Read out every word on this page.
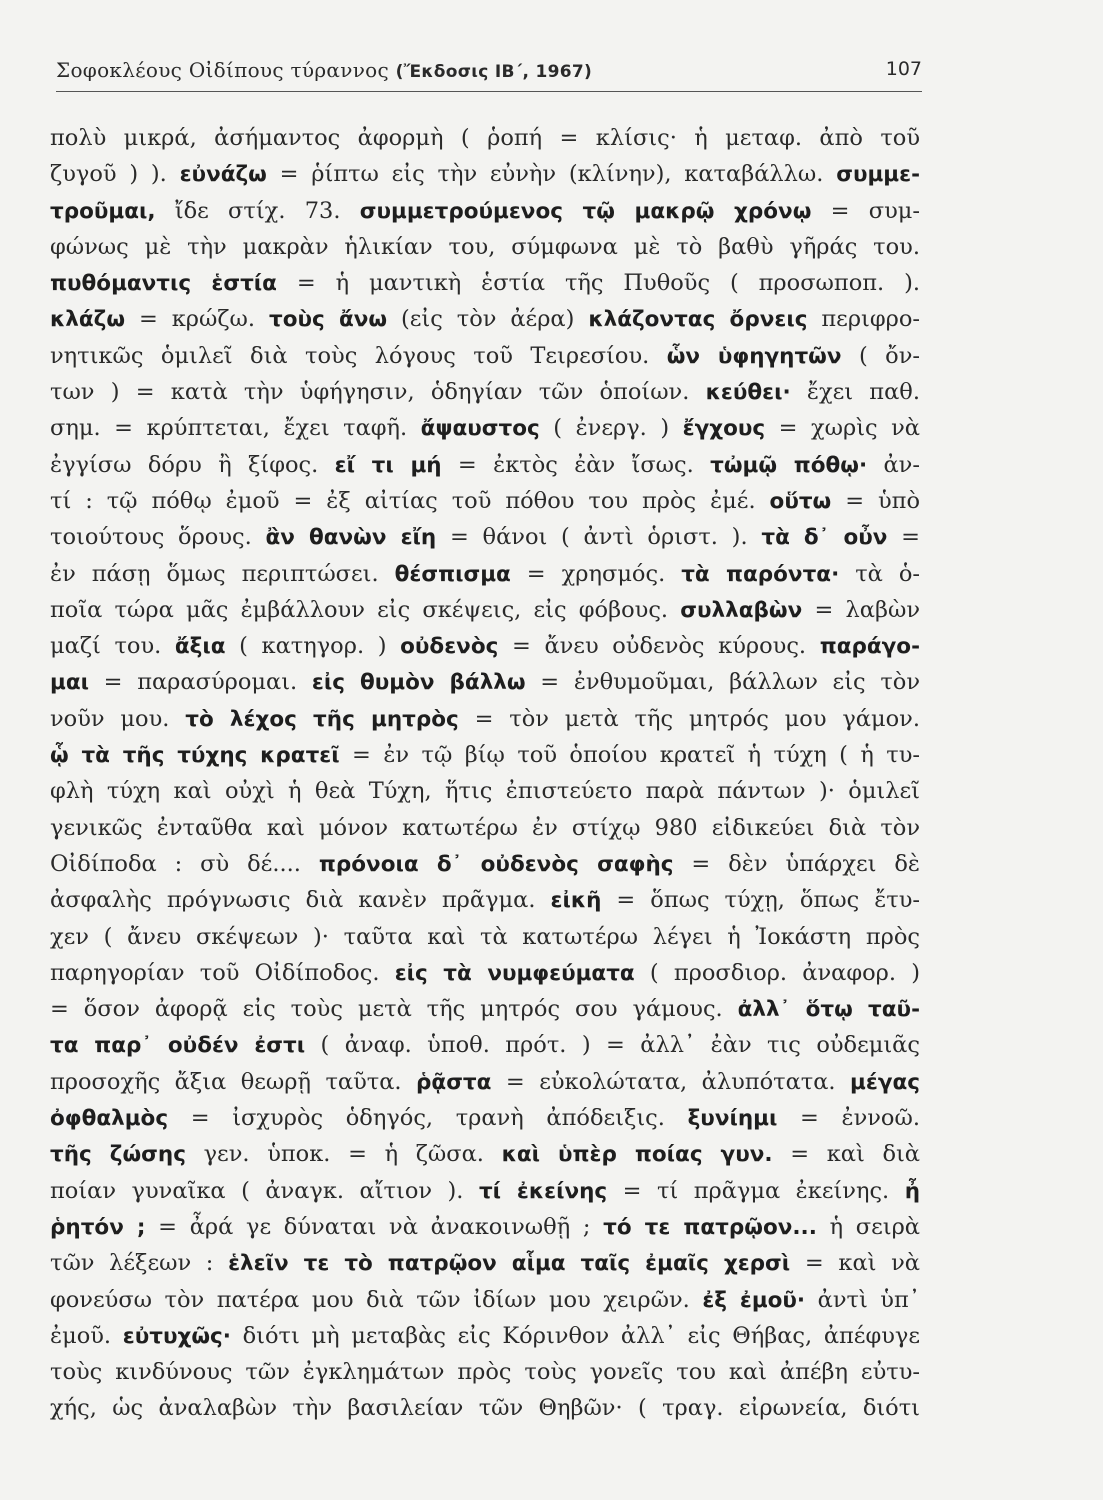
Σοφοκλέους Οἰδίπους τύραννος (Ἔκδοσις ΙΒ΄, 1967)	107
πολὺ μικρά, ἀσήμαντος ἀφορμὴ ( ῥοπή = κλίσις· ἡ μεταφ. ἀπὸ τοῦ
ζυγοῦ ) ). εὐνάζω = ῥίπτω εἰς τὴν εὐνὴν (κλίνην), καταβάλλω. συμμε-
τροῦμαι, ἴδε στίχ. 73. συμμετρούμενος τῷ μακρῷ χρόνῳ = συμ-
φώνως μὲ τὴν μακρὰν ἡλικίαν του, σύμφωνα μὲ τὸ βαθὺ γῆράς του.
πυθόμαντις ἑστία = ἡ μαντικὴ ἑστία τῆς Πυθοῦς ( προσωποπ. ).
κλάζω = κρώζω. τοὺς ἄνω (εἰς τὸν ἀέρα) κλάζοντας ὄρνεις περιφρο-
νητικῶς ὁμιλεῖ διὰ τοὺς λόγους τοῦ Τειρεσίου. ὧν ὑφηγητῶν ( ὄν-
των ) = κατὰ τὴν ὑφήγησιν, ὁδηγίαν τῶν ὁποίων. κεύθει· ἔχει παθ.
σημ. = κρύπτεται, ἔχει ταφῆ. ἄψαυστος ( ἐνεργ. ) ἔγχους = χωρὶς νὰ
ἐγγίσω δόρυ ἢ ξίφος. εἴ τι μή = ἐκτὸς ἐὰν ἴσως. τὠμῷ πόθῳ· ἀν-
τί : τῷ πόθῳ ἐμοῦ = ἐξ αἰτίας τοῦ πόθου του πρὸς ἐμέ. οὕτω = ὑπὸ
τοιούτους ὅρους. ἂν θανὼν εἴη = θάνοι ( ἀντὶ ὁριστ. ). τὰ δ᾽ οὖν =
ἐν πάσῃ ὅμως περιπτώσει. θέσπισμα = χρησμός. τὰ παρόντα· τὰ ὁ-
ποῖα τώρα μᾶς ἐμβάλλουν εἰς σκέψεις, εἰς φόβους. συλλαβὼν = λαβὼν
μαζί του. ἄξια ( κατηγορ. ) οὐδενὸς = ἄνευ οὐδενὸς κύρους. παράγο-
μαι = παρασύρομαι. εἰς θυμὸν βάλλω = ἐνθυμοῦμαι, βάλλων εἰς τὸν
νοῦν μου. τὸ λέχος τῆς μητρὸς = τὸν μετὰ τῆς μητρός μου γάμον.
ᾧ τὰ τῆς τύχης κρατεῖ = ἐν τῷ βίῳ τοῦ ὁποίου κρατεῖ ἡ τύχη ( ἡ τυ-
φλὴ τύχη καὶ οὐχὶ ἡ θεὰ Τύχη, ἥτις ἐπιστεύετο παρὰ πάντων )· ὁμιλεῖ
γενικῶς ἐνταῦθα καὶ μόνον κατωτέρω ἐν στίχῳ 980 εἰδικεύει διὰ τὸν
Οἰδίποδα : σὺ δέ.... πρόνοια δ᾽ οὐδενὸς σαφὴς = δὲν ὑπάρχει δὲ
ἀσφαλὴς πρόγνωσις διὰ κανὲν πρᾶγμα. εἰκῆ = ὅπως τύχῃ, ὅπως ἔτυ-
χεν ( ἄνευ σκέψεων )· ταῦτα καὶ τὰ κατωτέρω λέγει ἡ Ἰοκάστη πρὸς
παρηγορίαν τοῦ Οἰδίποδος. εἰς τὰ νυμφεύματα ( προσδιορ. ἀναφορ. )
= ὅσον ἀφορᾷ εἰς τοὺς μετὰ τῆς μητρός σου γάμους. ἀλλ᾽ ὅτῳ ταῦ-
τα παρ᾽ οὐδέν ἐστι ( ἀναφ. ὑποθ. πρότ. ) = ἀλλ᾽ ἐὰν τις οὐδεμιᾶς
προσοχῆς ἄξια θεωρῇ ταῦτα. ῥᾷστα = εὐκολώτατα, ἀλυπότατα. μέγας
ὀφθαλμὸς = ἰσχυρὸς ὁδηγός, τρανὴ ἀπόδειξις. ξυνίημι = ἐννοῶ.
τῆς ζώσης γεν. ὑποκ. = ἡ ζῶσα. καὶ ὑπὲρ ποίας γυν. = καὶ διὰ
ποίαν γυναῖκα ( ἀναγκ. αἴτιον ). τί ἐκείνης = τί πρᾶγμα ἐκείνης. ἦ
ῥητόν ; = ἆρά γε δύναται νὰ ἀνακοινωθῇ ; τό τε πατρῷον... ἡ σειρὰ
τῶν λέξεων : ἑλεῖν τε τὸ πατρῷον αἷμα ταῖς ἐμαῖς χερσὶ = καὶ νὰ
φονεύσω τὸν πατέρα μου διὰ τῶν ἰδίων μου χειρῶν. ἐξ ἐμοῦ· ἀντὶ ὑπ᾽
ἐμοῦ. εὐτυχῶς· διότι μὴ μεταβὰς εἰς Κόρινθον ἀλλ᾽ εἰς Θήβας, ἀπέφυγε
τοὺς κινδύνους τῶν ἐγκλημάτων πρὸς τοὺς γονεῖς του καὶ ἀπέβη εὐτυ-
χής, ὡς ἀναλαβὼν τὴν βασιλείαν τῶν Θηβῶν· ( τραγ. εἰρωνεία, διότι
